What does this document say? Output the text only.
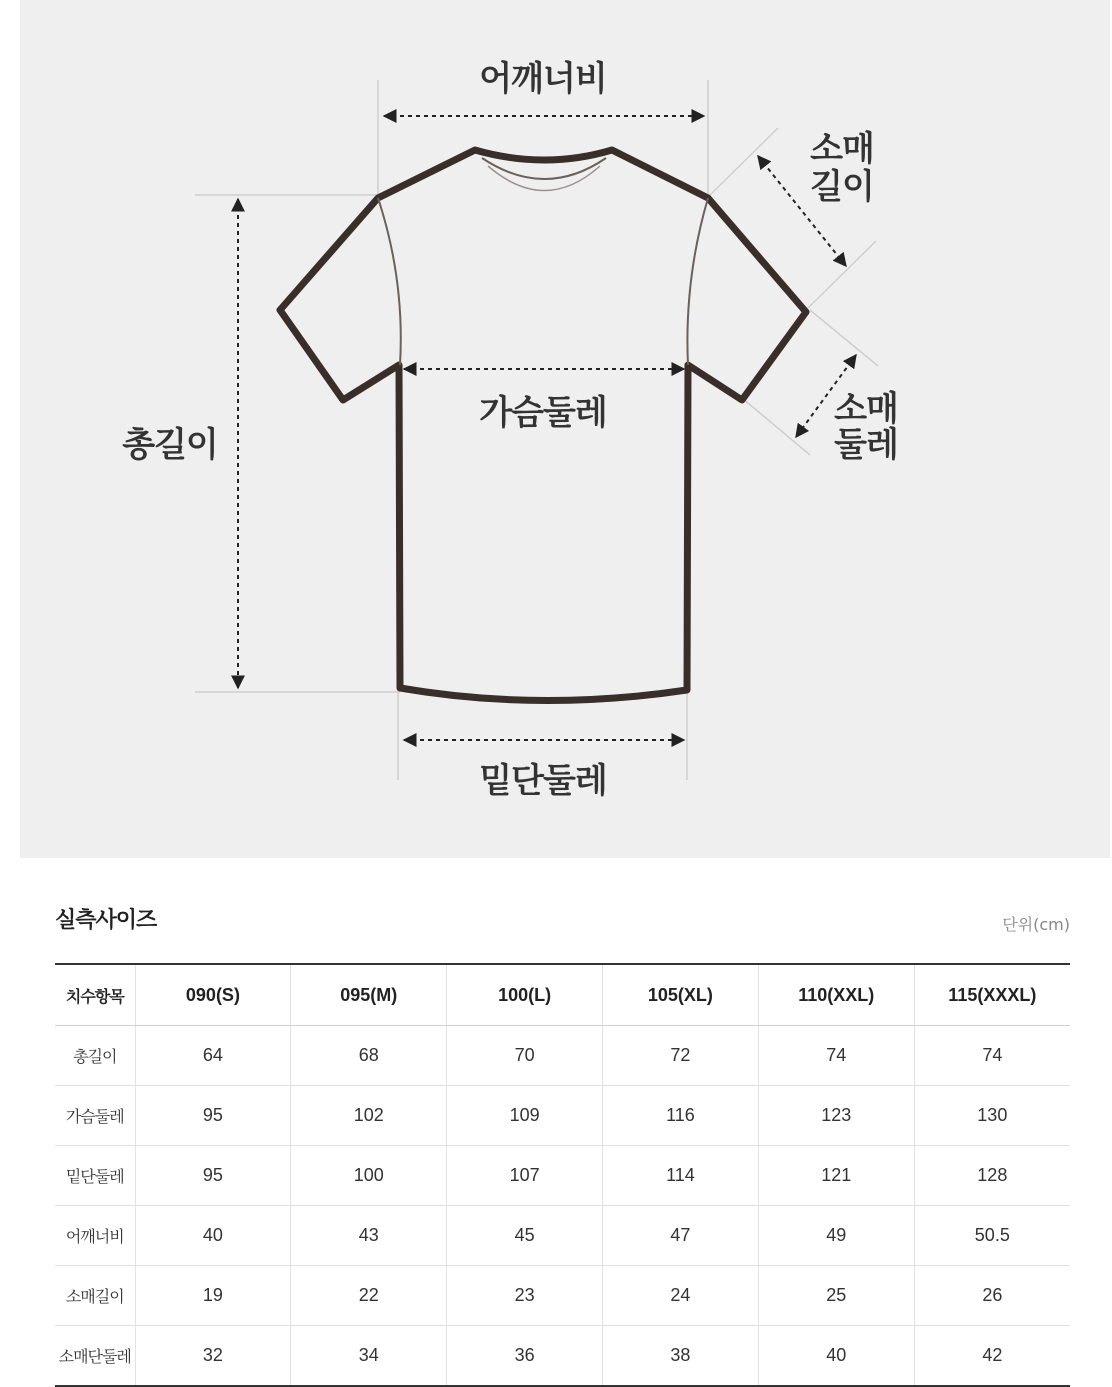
어깨너비
소매
길이
총길이
가슴둘레	소매
둘레
밑단둘레
실측사이즈	단위(cm)
치수항목	090(S)	095(M)	100(L)	105(XL)	110(XXL)	115(XXXL)
총길이	64	68	70	72	74	74
가슴둘레	95	102	109	116	123	130
밑단둘레	95	100	107	114	121	128
어깨너비	40	43	45	47	49	50.5
소매길이	19	22	23	24	25	26
소매단둘레	32	34	36	38	40	42
